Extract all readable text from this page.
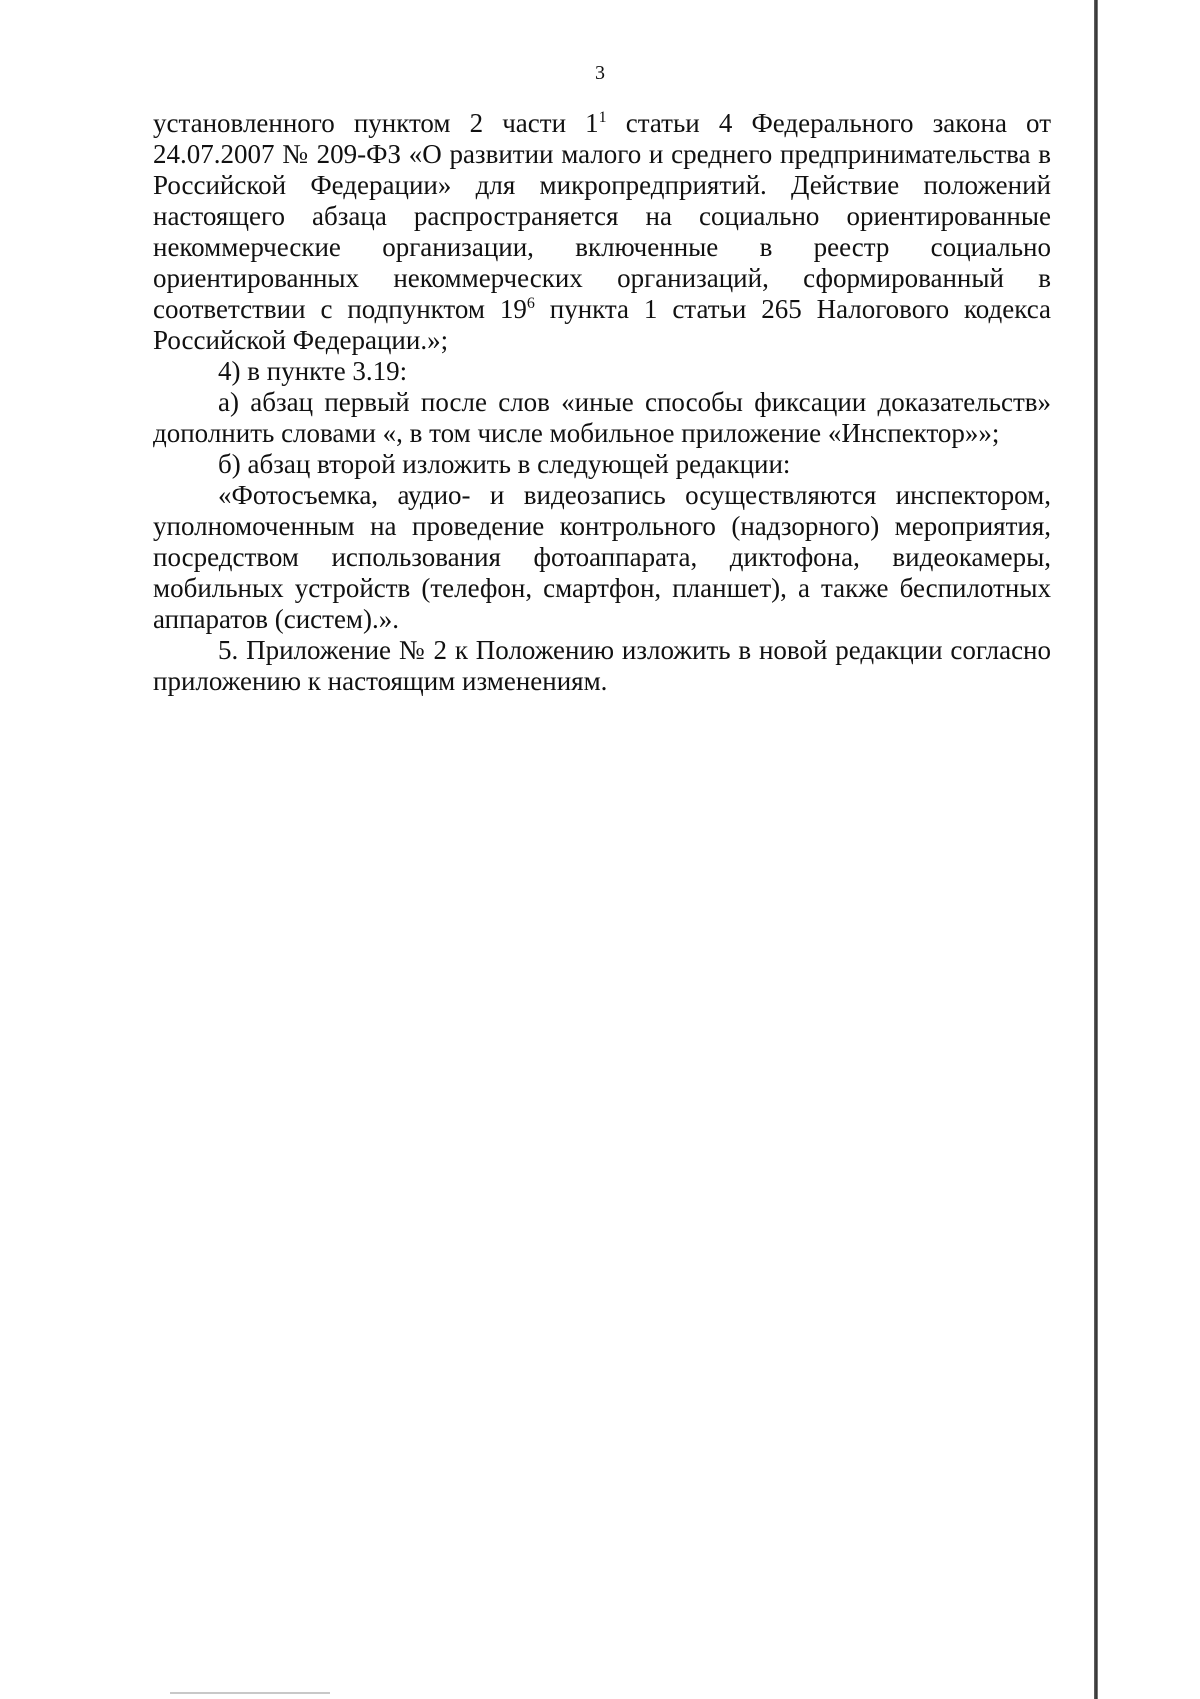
3

установленного пунктом 2 части $1^1$ статьи 4 Федерального закона от 24.07.2007 № 209-ФЗ «О развитии малого и среднего предпринимательства в Российской Федерации» для микропредприятий. Действие положений настоящего абзаца распространяется на социально ориентированные некоммерческие организации, включенные в реестр социально ориентированных некоммерческих организаций, сформированный в соответствии с подпунктом $19^6$ пункта 1 статьи 265 Налогового кодекса Российской Федерации.»;

4) в пункте 3.19:

а) абзац первый после слов «иные способы фиксации доказательств» дополнить словами «, в том числе мобильное приложение «Инспектор»»;

б) абзац второй изложить в следующей редакции:

«Фотосъемка, аудио- и видеозапись осуществляются инспектором, уполномоченным на проведение контрольного (надзорного) мероприятия, посредством использования фотоаппарата, диктофона, видеокамеры, мобильных устройств (телефон, смартфон, планшет), а также беспилотных аппаратов (систем).».

5. Приложение № 2 к Положению изложить в новой редакции согласно приложению к настоящим изменениям.
